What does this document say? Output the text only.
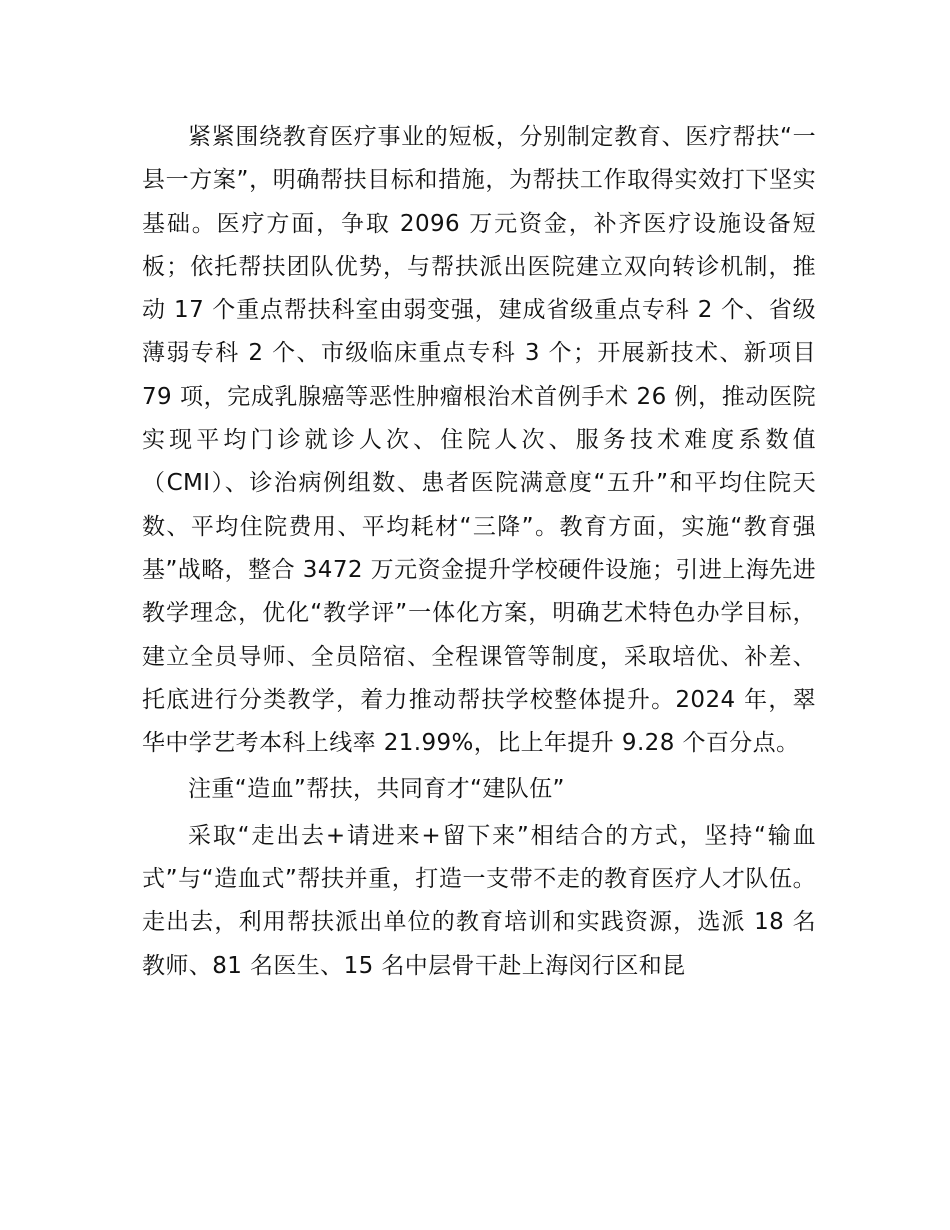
紧紧围绕教育医疗事业的短板，分别制定教育、医疗帮扶“一县一方案”，明确帮扶目标和措施，为帮扶工作取得实效打下坚实基础。医疗方面，争取 2096 万元资金，补齐医疗设施设备短板；依托帮扶团队优势，与帮扶派出医院建立双向转诊机制，推动 17 个重点帮扶科室由弱变强，建成省级重点专科 2 个、省级薄弱专科 2 个、市级临床重点专科 3 个；开展新技术、新项目 79 项，完成乳腺癌等恶性肿瘤根治术首例手术 26 例，推动医院实现平均门诊就诊人次、住院人次、服务技术难度系数值（CMI）、诊治病例组数、患者医院满意度“五升”和平均住院天数、平均住院费用、平均耗材“三降”。教育方面，实施“教育强基”战略，整合 3472 万元资金提升学校硬件设施；引进上海先进教学理念，优化“教学评”一体化方案，明确艺术特色办学目标，建立全员导师、全员陪宿、全程课管等制度，采取培优、补差、托底进行分类教学，着力推动帮扶学校整体提升。2024 年，翠华中学艺考本科上线率 21.99%，比上年提升 9.28 个百分点。

注重“造血”帮扶，共同育才“建队伍”

采取“走出去+请进来+留下来”相结合的方式，坚持“输血式”与“造血式”帮扶并重，打造一支带不走的教育医疗人才队伍。走出去，利用帮扶派出单位的教育培训和实践资源，选派 18 名教师、81 名医生、15 名中层骨干赴上海闵行区和昆
